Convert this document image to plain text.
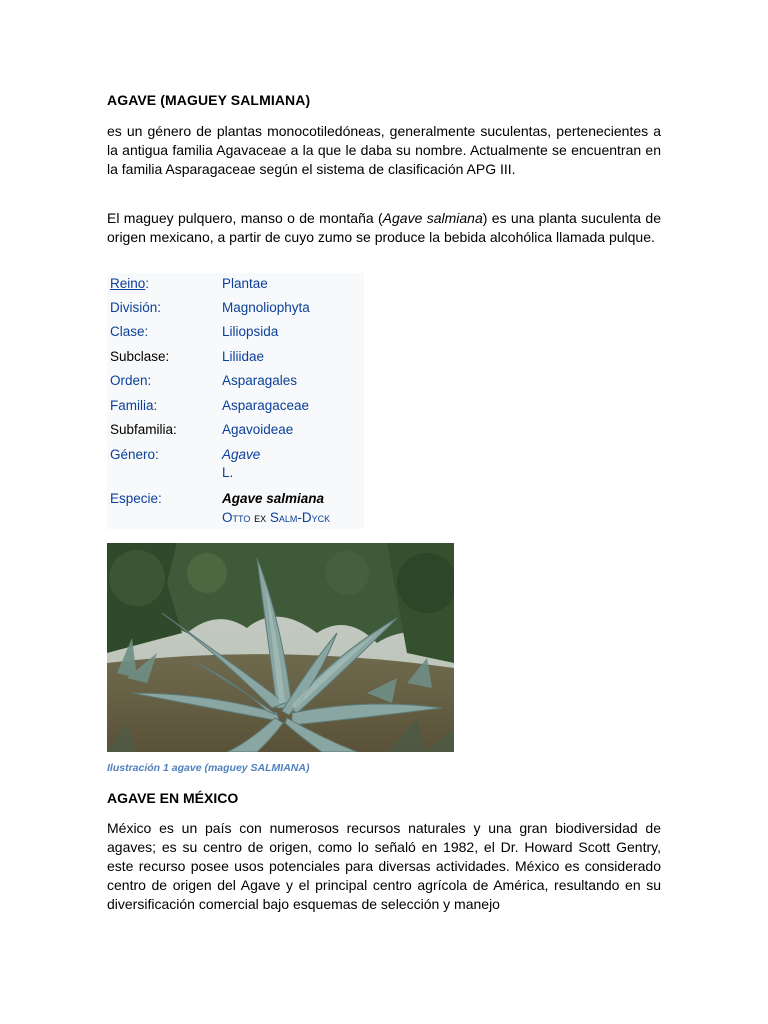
AGAVE (MAGUEY SALMIANA)
es un género de plantas monocotiledóneas, generalmente suculentas, pertenecientes a la antigua familia Agavaceae a la que le daba su nombre. Actualmente se encuentran en la familia Asparagaceae según el sistema de clasificación APG III.
El maguey pulquero, manso o de montaña (Agave salmiana) es una planta suculenta de origen mexicano, a partir de cuyo zumo se produce la bebida alcohólica llamada pulque.
Reino:	Plantae
División:	Magnoliophyta
Clase:	Liliopsida
Subclase:	Liliidae
Orden:	Asparagales
Familia:	Asparagaceae
Subfamilia:	Agavoideae
Género:	Agave
L.
Especie:	Agave salmiana
Otto ex Salm-Dyck
Ilustración 1 agave (maguey SALMIANA)
AGAVE EN MÉXICO
México es un país con numerosos recursos naturales y una gran biodiversidad de agaves; es su centro de origen, como lo señaló en 1982, el Dr. Howard Scott Gentry, este recurso posee usos potenciales para diversas actividades. México es considerado centro de origen del Agave y el principal centro agrícola de América, resultando en su diversificación comercial bajo esquemas de selección y manejo
